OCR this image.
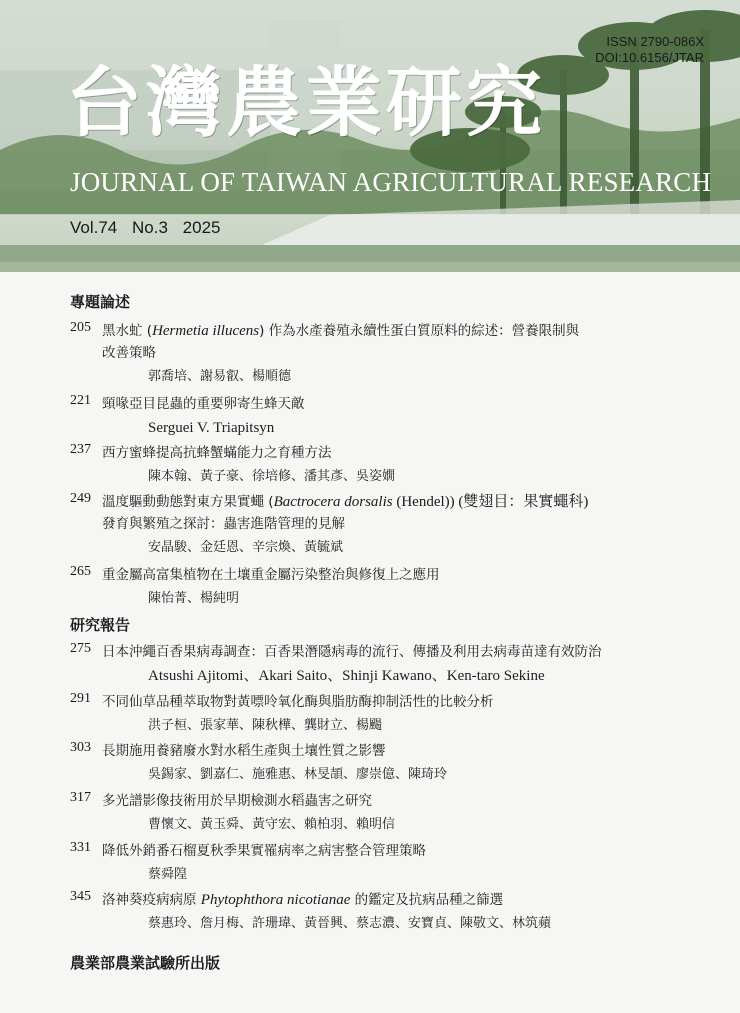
ISSN 2790-086X
DOI:10.6156/JTAR
台灣農業研究
JOURNAL OF TAIWAN AGRICULTURAL RESEARCH
Vol.74 No.3 2025
專題論述
205 黑水虻 (Hermetia illucens) 作為水產養殖永續性蛋白質原料的綜述：營養限制與
改善策略
郭喬培、謝易叡、楊順德
221 頸喙亞目昆蟲的重要卵寄生蜂天敵
Serguei V. Triapitsyn
237 西方蜜蜂提高抗蜂蟹蟎能力之育種方法
陳本翰、黃子豪、徐培修、潘其彥、吳姿嫺
249 溫度驅動動態對東方果實蠅 (Bactrocera dorsalis (Hendel)) (雙翅目：果實蠅科)
發育與繁殖之探討：蟲害進階管理的見解
安晶駿、金廷恩、辛宗煥、黃毓斌
265 重金屬高富集植物在土壤重金屬污染整治與修復上之應用
陳怡菁、楊純明
研究報告
275 日本沖繩百香果病毒調查：百香果潛隱病毒的流行、傳播及利用去病毒苗達有效防治
Atsushi Ajitomi、Akari Saito、Shinji Kawano、Ken-taro Sekine
291 不同仙草品種萃取物對黃嘌呤氧化酶與脂肪酶抑制活性的比較分析
洪子桓、張家華、陳秋樺、龔財立、楊颺
303 長期施用養豬廢水對水稻生產與土壤性質之影響
吳錫家、劉嘉仁、施雅惠、林旻頡、廖崇億、陳琦玲
317 多光譜影像技術用於早期檢測水稻蟲害之研究
曹懷文、黃玉舜、黃守宏、賴柏羽、賴明信
331 降低外銷番石榴夏秋季果實罹病率之病害整合管理策略
蔡舜隍
345 洛神葵疫病病原 Phytophthora nicotianae 的鑑定及抗病品種之篩選
蔡惠玲、詹月梅、許珊瑋、黃晉興、蔡志濃、安寶貞、陳敬文、林筑蘋
農業部農業試驗所出版
